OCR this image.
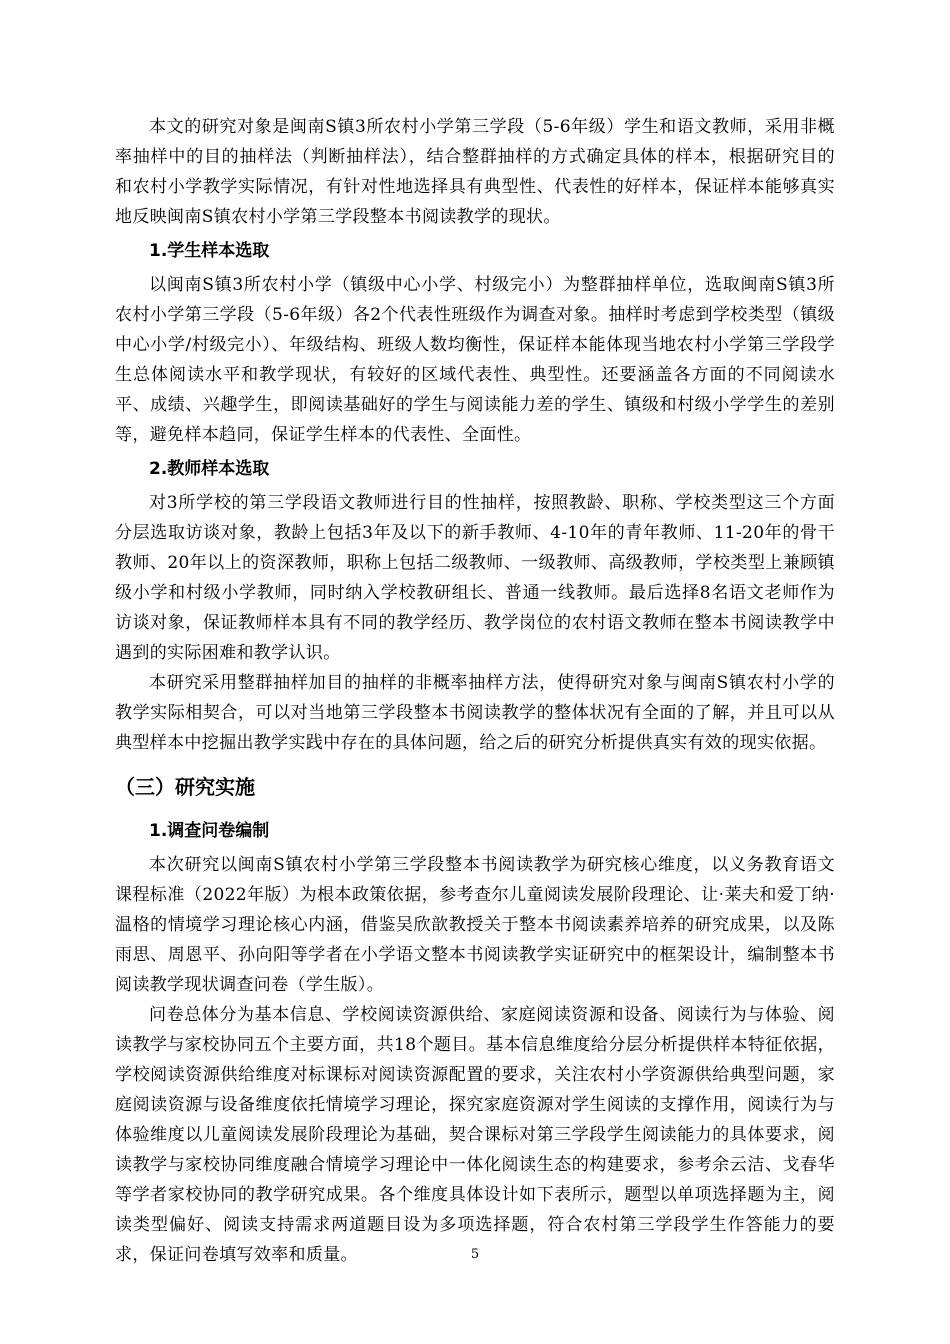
本文的研究对象是闽南S镇3所农村小学第三学段（5-6年级）学生和语文教师，采用非概率抽样中的目的抽样法（判断抽样法），结合整群抽样的方式确定具体的样本，根据研究目的和农村小学教学实际情况，有针对性地选择具有典型性、代表性的好样本，保证样本能够真实地反映闽南S镇农村小学第三学段整本书阅读教学的现状。

1.学生样本选取

以闽南S镇3所农村小学（镇级中心小学、村级完小）为整群抽样单位，选取闽南S镇3所农村小学第三学段（5-6年级）各2个代表性班级作为调查对象。抽样时考虑到学校类型（镇级中心小学/村级完小）、年级结构、班级人数均衡性，保证样本能体现当地农村小学第三学段学生总体阅读水平和教学现状，有较好的区域代表性、典型性。还要涵盖各方面的不同阅读水平、成绩、兴趣学生，即阅读基础好的学生与阅读能力差的学生、镇级和村级小学学生的差别等，避免样本趋同，保证学生样本的代表性、全面性。

2.教师样本选取

对3所学校的第三学段语文教师进行目的性抽样，按照教龄、职称、学校类型这三个方面分层选取访谈对象，教龄上包括3年及以下的新手教师、4-10年的青年教师、11-20年的骨干教师、20年以上的资深教师，职称上包括二级教师、一级教师、高级教师，学校类型上兼顾镇级小学和村级小学教师，同时纳入学校教研组长、普通一线教师。最后选择8名语文老师作为访谈对象，保证教师样本具有不同的教学经历、教学岗位的农村语文教师在整本书阅读教学中遇到的实际困难和教学认识。

本研究采用整群抽样加目的抽样的非概率抽样方法，使得研究对象与闽南S镇农村小学的教学实际相契合，可以对当地第三学段整本书阅读教学的整体状况有全面的了解，并且可以从典型样本中挖掘出教学实践中存在的具体问题，给之后的研究分析提供真实有效的现实依据。

（三）研究实施
1.调查问卷编制

本次研究以闽南S镇农村小学第三学段整本书阅读教学为研究核心维度，以义务教育语文课程标准（2022年版）为根本政策依据，参考查尔儿童阅读发展阶段理论、让·莱夫和爱丁纳·温格的情境学习理论核心内涵，借鉴吴欣歆教授关于整本书阅读素养培养的研究成果，以及陈雨思、周恩平、孙向阳等学者在小学语文整本书阅读教学实证研究中的框架设计，编制整本书阅读教学现状调查问卷（学生版）。

问卷总体分为基本信息、学校阅读资源供给、家庭阅读资源和设备、阅读行为与体验、阅读教学与家校协同五个主要方面，共18个题目。基本信息维度给分层分析提供样本特征依据，学校阅读资源供给维度对标课标对阅读资源配置的要求，关注农村小学资源供给典型问题，家庭阅读资源与设备维度依托情境学习理论，探究家庭资源对学生阅读的支撑作用，阅读行为与体验维度以儿童阅读发展阶段理论为基础，契合课标对第三学段学生阅读能力的具体要求，阅读教学与家校协同维度融合情境学习理论中一体化阅读生态的构建要求，参考余云洁、戈春华等学者家校协同的教学研究成果。各个维度具体设计如下表所示，题型以单项选择题为主，阅读类型偏好、阅读支持需求两道题目设为多项选择题，符合农村第三学段学生作答能力的要求，保证问卷填写效率和质量。	5
